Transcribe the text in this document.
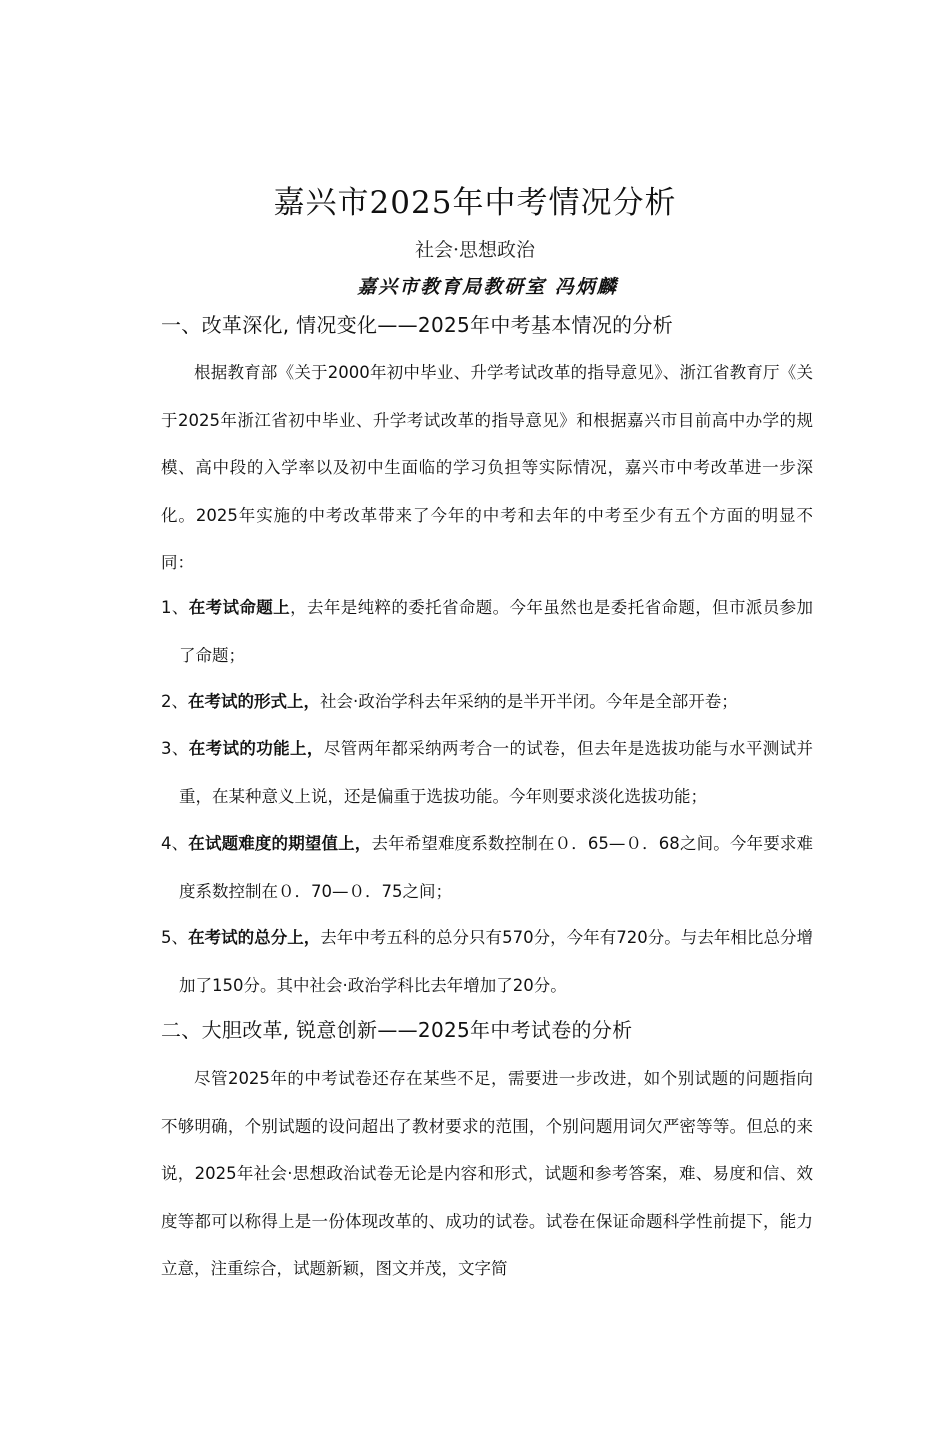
嘉兴市2025年中考情况分析
社会·思想政治
嘉兴市教育局教研室 冯炳麟
一、改革深化, 情况变化——2025年中考基本情况的分析
根据教育部《关于2000年初中毕业、升学考试改革的指导意见》、浙江省教育厅《关于2025年浙江省初中毕业、升学考试改革的指导意见》和根据嘉兴市目前高中办学的规模、高中段的入学率以及初中生面临的学习负担等实际情况，嘉兴市中考改革进一步深化。2025年实施的中考改革带来了今年的中考和去年的中考至少有五个方面的明显不同：
1、在考试命题上，去年是纯粹的委托省命题。今年虽然也是委托省命题，但市派员参加了命题；
2、在考试的形式上，社会·政治学科去年采纳的是半开半闭。今年是全部开卷；
3、在考试的功能上，尽管两年都采纳两考合一的试卷，但去年是选拔功能与水平测试并重，在某种意义上说，还是偏重于选拔功能。今年则要求淡化选拔功能；
4、在试题难度的期望值上，去年希望难度系数控制在０．65—０．68之间。今年要求难度系数控制在０．70—０．75之间；
5、在考试的总分上，去年中考五科的总分只有570分，今年有720分。与去年相比总分增加了150分。其中社会·政治学科比去年增加了20分。
二、大胆改革, 锐意创新——2025年中考试卷的分析
尽管2025年的中考试卷还存在某些不足，需要进一步改进，如个别试题的问题指向不够明确，个别试题的设问超出了教材要求的范围，个别问题用词欠严密等等。但总的来说，2025年社会·思想政治试卷无论是内容和形式，试题和参考答案，难、易度和信、效度等都可以称得上是一份体现改革的、成功的试卷。试卷在保证命题科学性前提下，能力立意，注重综合，试题新颖，图文并茂，文字简
